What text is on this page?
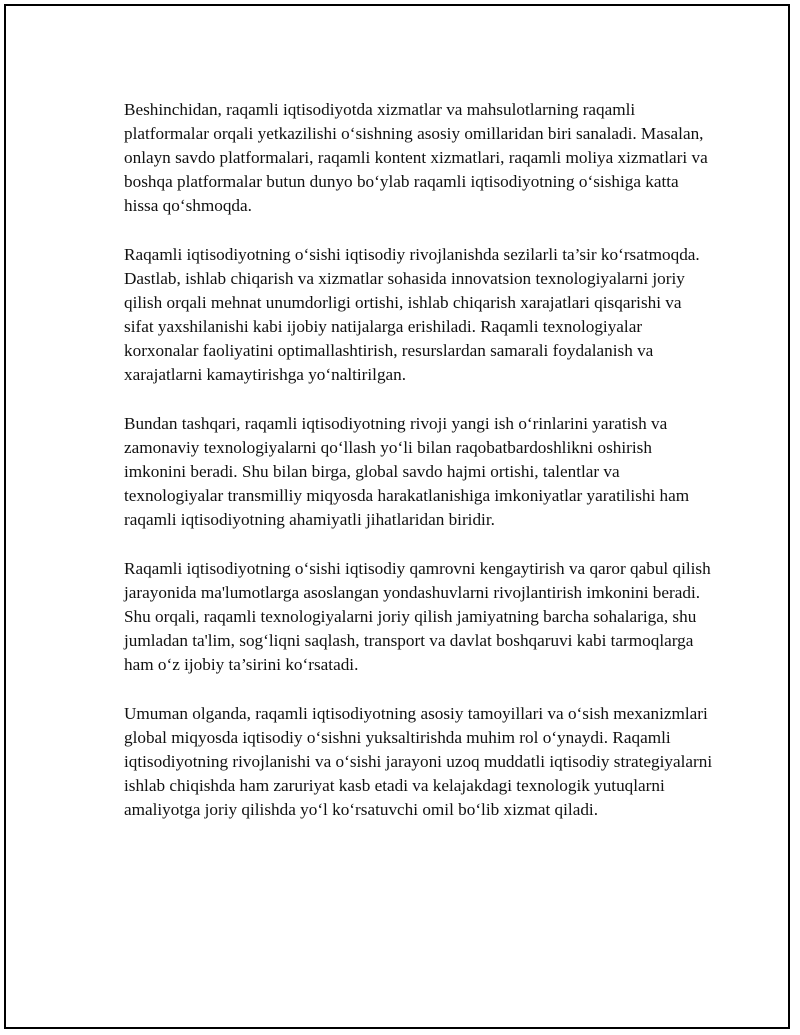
Beshinchidan, raqamli iqtisodiyotda xizmatlar va mahsulotlarning raqamli platformalar orqali yetkazilishi o‘sishning asosiy omillaridan biri sanaladi. Masalan, onlayn savdo platformalari, raqamli kontent xizmatlari, raqamli moliya xizmatlari va boshqa platformalar butun dunyo bo‘ylab raqamli iqtisodiyotning o‘sishiga katta hissa qo‘shmoqda.

Raqamli iqtisodiyotning o‘sishi iqtisodiy rivojlanishda sezilarli ta’sir ko‘rsatmoqda. Dastlab, ishlab chiqarish va xizmatlar sohasida innovatsion texnologiyalarni joriy qilish orqali mehnat unumdorligi ortishi, ishlab chiqarish xarajatlari qisqarishi va sifat yaxshilanishi kabi ijobiy natijalarga erishiladi. Raqamli texnologiyalar korxonalar faoliyatini optimallashtirish, resurslardan samarali foydalanish va xarajatlarni kamaytirishga yo‘naltirilgan.

Bundan tashqari, raqamli iqtisodiyotning rivoji yangi ish o‘rinlarini yaratish va zamonaviy texnologiyalarni qo‘llash yo‘li bilan raqobatbardoshlikni oshirish imkonini beradi. Shu bilan birga, global savdo hajmi ortishi, talentlar va texnologiyalar transmilliy miqyosda harakatlanishiga imkoniyatlar yaratilishi ham raqamli iqtisodiyotning ahamiyatli jihatlaridan biridir.

Raqamli iqtisodiyotning o‘sishi iqtisodiy qamrovni kengaytirish va qaror qabul qilish jarayonida ma'lumotlarga asoslangan yondashuvlarni rivojlantirish imkonini beradi. Shu orqali, raqamli texnologiyalarni joriy qilish jamiyatning barcha sohalariga, shu jumladan ta'lim, sog‘liqni saqlash, transport va davlat boshqaruvi kabi tarmoqlarga ham o‘z ijobiy ta’sirini ko‘rsatadi.

Umuman olganda, raqamli iqtisodiyotning asosiy tamoyillari va o‘sish mexanizmlari global miqyosda iqtisodiy o‘sishni yuksaltirishda muhim rol o‘ynaydi. Raqamli iqtisodiyotning rivojlanishi va o‘sishi jarayoni uzoq muddatli iqtisodiy strategiyalarni ishlab chiqishda ham zaruriyat kasb etadi va kelajakdagi texnologik yutuqlarni amaliyotga joriy qilishda yo‘l ko‘rsatuvchi omil bo‘lib xizmat qiladi.
